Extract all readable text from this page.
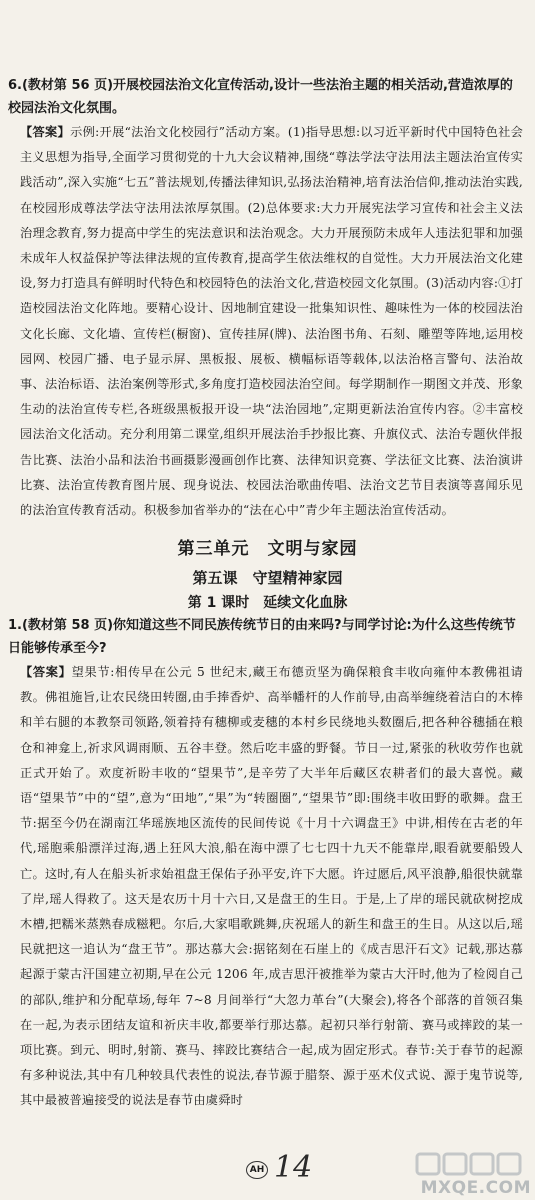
6.(教材第 56 页)开展校园法治文化宣传活动,设计一些法治主题的相关活动,营造浓厚的校园法治文化氛围。

【答案】示例:开展“法治文化校园行”活动方案。(1)指导思想:以习近平新时代中国特色社会主义思想为指导,全面学习贯彻党的十九大会议精神,围绕“尊法学法守法用法主题法治宣传实践活动”,深入实施“七五”普法规划,传播法律知识,弘扬法治精神,培育法治信仰,推动法治实践,在校园形成尊法学法守法用法浓厚氛围。(2)总体要求:大力开展宪法学习宣传和社会主义法治理念教育,努力提高中学生的宪法意识和法治观念。大力开展预防未成年人违法犯罪和加强未成年人权益保护等法律法规的宣传教育,提高学生依法维权的自觉性。大力开展法治文化建设,努力打造具有鲜明时代特色和校园特色的法治文化,营造校园文化氛围。(3)活动内容:①打造校园法治文化阵地。要精心设计、因地制宜建设一批集知识性、趣味性为一体的校园法治文化长廊、文化墙、宣传栏(橱窗)、宣传挂屏(牌)、法治图书角、石刻、雕塑等阵地,运用校园网、校园广播、电子显示屏、黑板报、展板、横幅标语等载体,以法治格言警句、法治故事、法治标语、法治案例等形式,多角度打造校园法治空间。每学期制作一期图文并茂、形象生动的法治宣传专栏,各班级黑板报开设一块“法治园地”,定期更新法治宣传内容。②丰富校园法治文化活动。充分利用第二课堂,组织开展法治手抄报比赛、升旗仪式、法治专题伙伴报告比赛、法治小品和法治书画摄影漫画创作比赛、法律知识竞赛、学法征文比赛、法治演讲比赛、法治宣传教育图片展、现身说法、校园法治歌曲传唱、法治文艺节目表演等喜闻乐见的法治宣传教育活动。积极参加省举办的“法在心中”青少年主题法治宣传活动。

第三单元　文明与家园
第五课　守望精神家园
第 1 课时　延续文化血脉

1.(教材第 58 页)你知道这些不同民族传统节日的由来吗?与同学讨论:为什么这些传统节日能够传承至今?

【答案】望果节:相传早在公元 5 世纪末,藏王布德贡坚为确保粮食丰收向雍仲本教佛祖请教。佛祖施旨,让农民绕田转圈,由手捧香炉、高举幡杆的人作前导,由高举缠绕着洁白的木棒和羊右腿的本教祭司领路,领着持有穗柳或麦穗的本村乡民绕地头数圈后,把各种谷穗插在粮仓和神龛上,祈求风调雨顺、五谷丰登。然后吃丰盛的野餐。节日一过,紧张的秋收劳作也就正式开始了。欢度祈盼丰收的“望果节”,是辛劳了大半年后藏区农耕者们的最大喜悦。藏语“望果节”中的“望”,意为“田地”,“果”为“转圈圈”,“望果节”即:围绕丰收田野的歌舞。盘王节:据至今仍在湖南江华瑶族地区流传的民间传说《十月十六调盘王》中讲,相传在古老的年代,瑶胞乘船漂洋过海,遇上狂风大浪,船在海中漂了七七四十九天不能靠岸,眼看就要船毁人亡。这时,有人在船头祈求始祖盘王保佑子孙平安,许下大愿。许过愿后,风平浪静,船很快就靠了岸,瑶人得救了。这天是农历十月十六日,又是盘王的生日。于是,上了岸的瑶民就砍树挖成木槽,把糯米蒸熟春成糍粑。尔后,大家唱歌跳舞,庆祝瑶人的新生和盘王的生日。从这以后,瑶民就把这一追认为“盘王节”。那达慕大会:据铭刻在石崖上的《成吉思汗石文》记载,那达慕起源于蒙古汗国建立初期,早在公元 1206 年,成吉思汗被推举为蒙古大汗时,他为了检阅自己的部队,维护和分配草场,每年 7~8 月间举行“大忽力革台”(大聚会),将各个部落的首领召集在一起,为表示团结友谊和祈庆丰收,都要举行那达慕。起初只举行射箭、赛马或摔跤的某一项比赛。到元、明时,射箭、赛马、摔跤比赛结合一起,成为固定形式。春节:关于春节的起源有多种说法,其中有几种较具代表性的说法,春节源于腊祭、源于巫术仪式说、源于鬼节说等,其中最被普遍接受的说法是春节由虞舜时

AH 14
MXQE.COM
